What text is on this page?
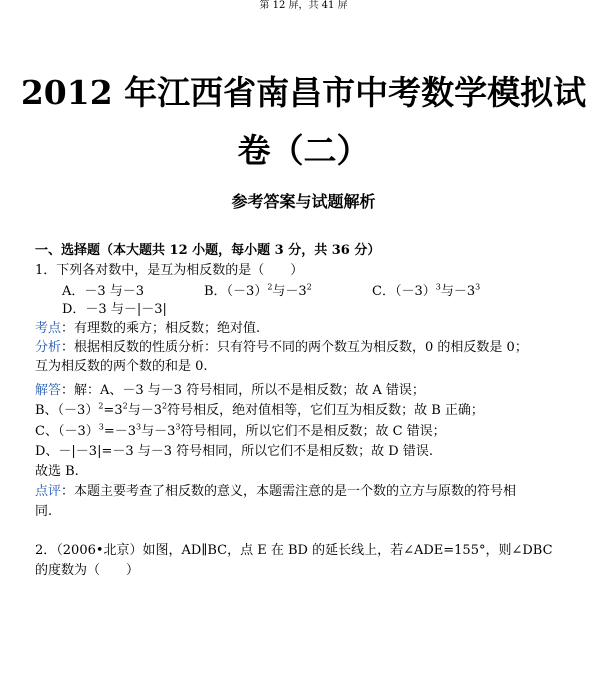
第 12 屏，共 41 屏
2012 年江西省南昌市中考数学模拟试
卷（二）
参考答案与试题解析
一、选择题（本大题共 12 小题，每小题 3 分，共 36 分）
1．下列各对数中，是互为相反数的是（　　）
A．－3 与－3	B．$(-3)^2$与$-3^2$	C．$(-3)^3$与$-3^3$
D．－3 与－|－3|
考点：有理数的乘方；相反数；绝对值.
分析：根据相反数的性质分析：只有符号不同的两个数互为相反数，0 的相反数是 0；
互为相反数的两个数的和是 0.
解答：解：A、－3 与－3 符号相同，所以不是相反数；故 A 错误；
B、$(-3)^2=3^2$与$-3^2$符号相反，绝对值相等，它们互为相反数；故 B 正确；
C、$(-3)^3=-3^3$与$-3^3$符号相同，所以它们不是相反数；故 C 错误；
D、－|－3|=－3 与－3 符号相同，所以它们不是相反数；故 D 错误.
故选 B.
点评：本题主要考查了相反数的意义，本题需注意的是一个数的立方与原数的符号相
同.
2．（2006•北京）如图，AD∥BC，点 E 在 BD 的延长线上，若∠ADE=155°，则∠DBC
的度数为（　　）
